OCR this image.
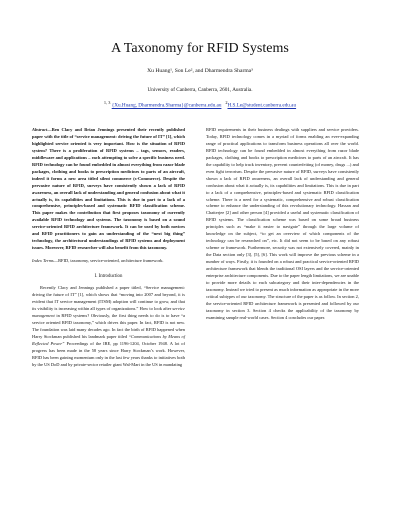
A Taxonomy for RFID Systems
Xu Huang¹, Son Le², and Dharmendra Sharma³
University of Canberra, Canberra, 2601, Australia.
$^{1, 3}$ {Xu.Huang, Dharmendra.Sharma}@canberra.edu.au   $^2$H.S.Le@student.canberra.edu.au

Abstract—Ben Clacy and Brian Jennings presented their recently published paper with the title of “service management: driving the future of IT” [1], which highlighted service oriented is very important. How is the situation of RFID system? There is a proliferation of RFID systems – tags, sensors, readers, middleware and applications – each attempting to solve a specific business need. RFID technology can be found embedded in almost everything from razor blade packages, clothing and books to prescription medicines to parts of an aircraft, indeed it forms a new area titled silent commerce (s-Commerce). Despite the pervasive nature of RFID, surveys have consistently shown a lack of RFID awareness, an overall lack of understanding and general confusion about what it actually is, its capabilities and limitations. This is due in part to a lack of a comprehensive, principles-based and systematic RFID classification scheme. This paper makes the contribution that first proposes taxonomy of currently available RFID technology and systems. The taxonomy is based on a sound service-oriented RFID architecture framework. It can be used by both novices and RFID practitioners to gain an understanding of the “next big thing” technology, the architectural understandings of RFID systems and deployment issues. Moreover, RFID researcher will also benefit from this taxonomy.

Index Terms—RFID, taxonomy, service-oriented, architecture framework.

I. Introduction

Recently Clacy and Jennings published a paper titled, “Service management: driving the future of IT” [1], which shows that “moving into 2007 and beyond, it is evident that IT service management (ITSM) adoption will continue to grow, and that its visibility is increasing within all types of organizations.” How to look after service management in RFID systems? Obviously, the first thing needs to do is to have “a service oriented RFID taxonomy,” which drives this paper. In fact, RFID is not new. The foundation was laid many decades ago. In fact the birth of RFID happened when Harry Stockman published his landmark paper titled “Communications by Means of Reflected Power” Proceedings of the IRE, pp 1196-1204, October 1948. A lot of progress has been made in the 58 years since Harry Stockman’s work. However, RFID has been gaining momentum only in the last few years thanks to initiatives both by the US DoD and by private-sector retailer giant Wal-Mart in the US in mandating

RFID requirements in their business dealings with suppliers and service providers. Today, RFID technology comes in a myriad of forms enabling an ever-expanding range of practical applications to transform business operations all over the world. RFID technology can be found embedded in almost everything from razor blade packages, clothing and books to prescription medicines to parts of an aircraft. It has the capability to help track inventory, prevent counterfeiting (of money, drugs ...) and even fight terrorism. Despite the pervasive nature of RFID, surveys have consistently shown a lack of RFID awareness, an overall lack of understanding and general confusion about what it actually is, its capabilities and limitations. This is due in part to a lack of a comprehensive, principles-based and systematic RFID classification scheme. There is a need for a systematic, comprehensive and robust classification scheme to enhance the understanding of this revolutionary technology. Hassan and Chatterjee [2] and other person [4] provided a useful and systematic classification of RFID systems. The classification scheme was based on some broad business principles such as “make it easier to navigate” through the large volume of knowledge on the subject, “to get an overview of which components of the technology can be researched on”, etc. It did not seem to be based on any robust scheme or framework. Furthermore, security was not extensively covered, mainly in the Data section only [3], [5], [6]. This work will improve the previous scheme in a number of ways. Firstly, it is founded on a robust and practical service-oriented RFID architecture framework that blends the traditional OSI layers and the service-oriented enterprise architecture components. Due to the paper length limitations, we are unable to provide more details to each subcategory and their inter-dependencies in the taxonomy. Instead we tried to present as much information as appropriate in the more critical subtypes of our taxonomy. The structure of the paper is as follow. In section 2, the service-oriented RFID architecture framework is presented and followed by our taxonomy in section 3. Section 4 checks the applicability of the taxonomy by examining sample real-world cases. Section 4 concludes our paper.
